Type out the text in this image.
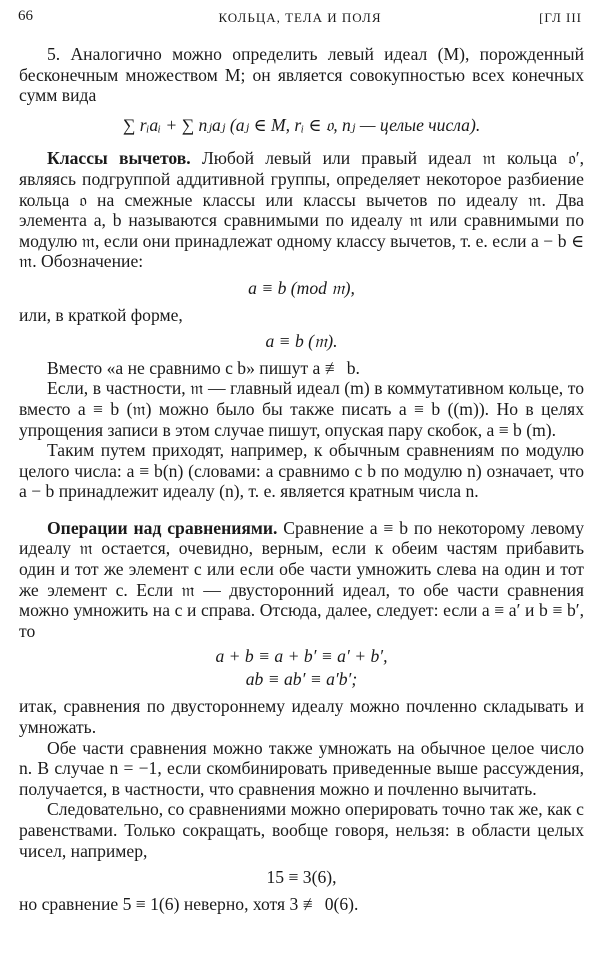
66	КОЛЬЦА, ТЕЛА И ПОЛЯ	[ГЛ III

5. Аналогично можно определить левый идеал (M), порожденный бесконечным множеством M; он является совокупностью всех конечных сумм вида

∑ rᵢaᵢ + ∑ nⱼaⱼ (aⱼ ∈ M, rᵢ ∈ 𝔬, nⱼ — целые числа).

Классы вычетов. Любой левый или правый идеал 𝔪 кольца 𝔬′, являясь подгруппой аддитивной группы, определяет некоторое разбиение кольца 𝔬 на смежные классы или классы вычетов по идеалу 𝔪. Два элемента a, b называются сравнимыми по идеалу 𝔪 или сравнимыми по модулю 𝔪, если они принадлежат одному классу вычетов, т. е. если a − b ∈ 𝔪. Обозначение:

a ≡ b (mod 𝔪),

или, в краткой форме,

a ≡ b (𝔪).

Вместо «a не сравнимо с b» пишут a ≢ b.

Если, в частности, 𝔪 — главный идеал (m) в коммутативном кольце, то вместо a ≡ b (𝔪) можно было бы также писать a ≡ b ((m)). Но в целях упрощения записи в этом случае пишут, опуская пару скобок, a ≡ b (m).

Таким путем приходят, например, к обычным сравнениям по модулю целого числа: a ≡ b(n) (словами: a сравнимо с b по модулю n) означает, что a − b принадлежит идеалу (n), т. е. является кратным числа n.

Операции над сравнениями. Сравнение a ≡ b по некоторому левому идеалу 𝔪 остается, очевидно, верным, если к обеим частям прибавить один и тот же элемент c или если обе части умножить слева на один и тот же элемент c. Если 𝔪 — двусторонний идеал, то обе части сравнения можно умножить на c и справа. Отсюда, далее, следует: если a ≡ a′ и b ≡ b′, то

a + b ≡ a + b′ ≡ a′ + b′,
ab ≡ ab′ ≡ a′b′;

итак, сравнения по двустороннему идеалу можно почленно складывать и умножать.

Обе части сравнения можно также умножать на обычное целое число n. В случае n = −1, если скомбинировать приведенные выше рассуждения, получается, в частности, что сравнения можно и почленно вычитать.

Следовательно, со сравнениями можно оперировать точно так же, как с равенствами. Только сокращать, вообще говоря, нельзя: в области целых чисел, например,

15 ≡ 3(6),

но сравнение 5 ≡ 1(6) неверно, хотя 3 ≢ 0(6).
